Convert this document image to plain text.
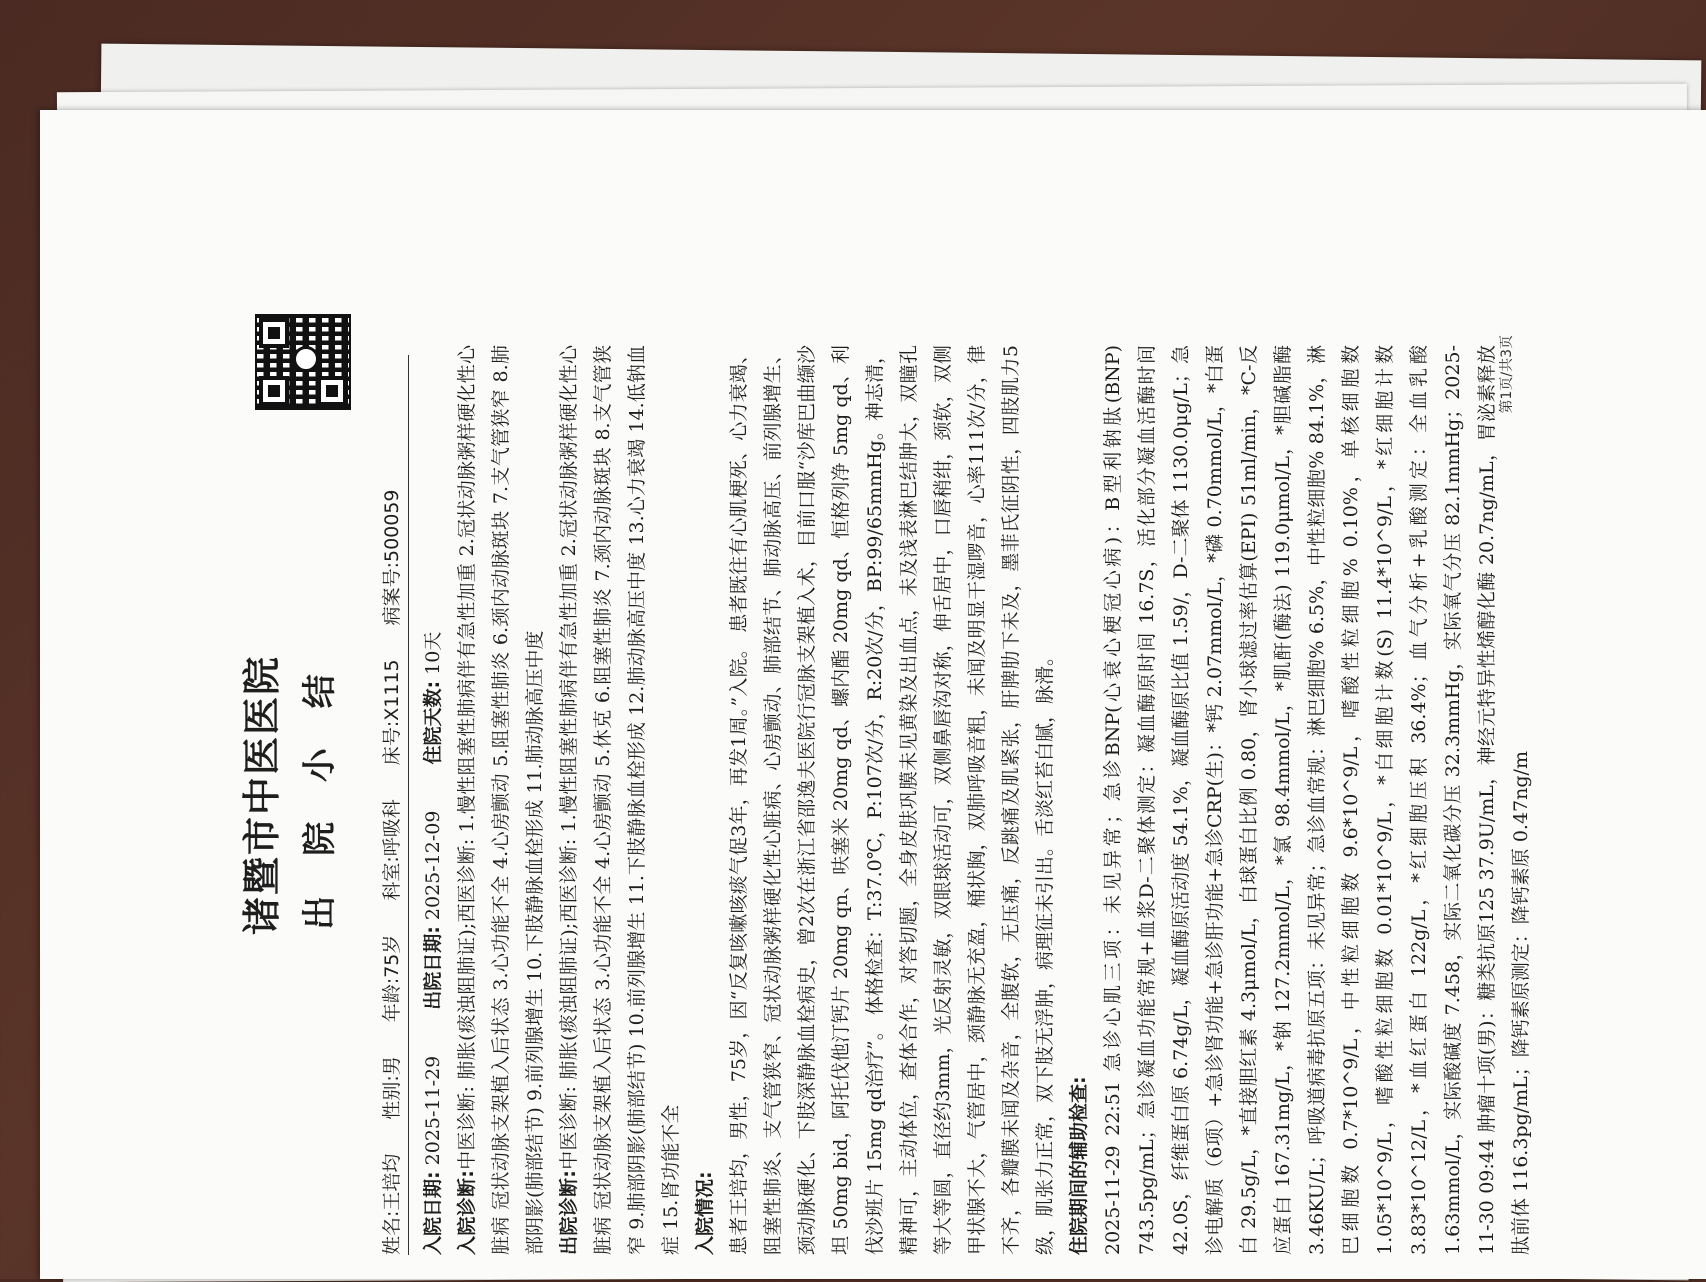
诸暨市中医医院 出 院 小 结
姓名:王培均
性别:男
年龄:75岁
科室:呼吸科
床号:X1115
病案号:500059

入院日期: 2025-11-29 出院日期: 2025-12-09 住院天数: 10天

入院诊断:中医诊断: 肺胀(痰浊阻肺证);西医诊断: 1.慢性阻塞性肺病伴有急性加重 2.冠状动脉粥样硬化性心脏病 冠状动脉支架植入后状态 3.心功能不全 4.心房颤动 5.阻塞性肺炎 6.颈内动脉斑块 7.支气管狭窄 8.肺部阴影(肺部结节) 9.前列腺增生 10.下肢静脉血栓形成 11.肺动脉高压中度 出院诊断:中医诊断: 肺胀(痰浊阻肺证);西医诊断: 1.慢性阻塞性肺病伴有急性加重 2.冠状动脉粥样硬化性心脏病 冠状动脉支架植入后状态 3.心功能不全 4.心房颤动 5.休克 6.阻塞性肺炎 7.颈内动脉斑块 8.支气管狭窄 9.肺部阴影(肺部结节) 10.前列腺增生 11.下肢静脉血栓形成 12.肺动脉高压中度 13.心力衰竭 14.低钠血症 15.肾功能不全 入院情况: 患者王培均，男性，75岁，因“反复咳嗽咳痰气促3年，再发1周。”入院。 患者既往有心肌梗死、心力衰竭、阻塞性肺炎、支气管狭窄、冠状动脉粥样硬化性心脏病、心房颤动、肺部结节、肺动脉高压、前列腺增生、颈动脉硬化、下肢深静脉血栓病史，曾2次在浙江省邵逸夫医院行冠脉支架植入术，目前口服“沙库巴曲缬沙坦 50mg bid，阿托伐他汀钙片 20mg qn、呋塞米 20mg qd、螺内酯 20mg qd、恒格列净 5mg qd、利伐沙班片 15mg qd治疗”。 体格检查：T:37.0℃，P:107次/分，R:20次/分，BP:99/65mmHg。神志清，精神可，主动体位，查体合作，对答切题，全身皮肤巩膜未见黄染及出血点，未及浅表淋巴结肿大，双瞳孔等大等圆，直径约3mm，光反射灵敏，双眼球活动可，双侧鼻唇沟对称，伸舌居中，口唇稍绀，颈软，双侧甲状腺不大，气管居中，颈静脉无充盈，桶状胸，双肺呼吸音粗，未闻及明显干湿啰音，心率111次/分，律不齐，各瓣膜未闻及杂音，全腹软，无压痛，反跳痛及肌紧张，肝脾肋下未及，墨菲氏征阴性，四肢肌力5级，肌张力正常，双下肢无浮肿，病理征未引出。舌淡红苔白腻，脉滑。 住院期间的辅助检查: 2025-11-29 22:51 急诊心肌三项：未见异常；急诊BNP(心衰心梗冠心病)：B型利钠肽(BNP) 743.5pg/mL；急诊凝血功能常规+血浆D-二聚体测定：凝血酶原时间 16.7S，活化部分凝血活酶时间 42.0S，纤维蛋白原 6.74g/L，凝血酶原活动度 54.1%，凝血酶原比值 1.59/，D-二聚体 1130.0μg/L；急诊电解质（6项）+急诊肾功能+急诊肝功能+急诊CRP(生)：*钙 2.07mmol/L，*磷 0.70mmol/L，*白蛋白 29.5g/L，*直接胆红素 4.3μmol/L，白球蛋白比例 0.80，肾小球滤过率估算(EPI) 51ml/min，*C-反应蛋白 167.31mg/L，*钠 127.2mmol/L，*氯 98.4mmol/L，*肌酐(酶法) 119.0μmol/L，*胆碱脂酶 3.46KU/L；呼吸道病毒抗原五项：未见异常；急诊血常规：淋巴细胞% 6.5%，中性粒细胞% 84.1%，淋巴细胞数 0.7*10^9/L，中性粒细胞数 9.6*10^9/L，嗜酸性粒细胞% 0.10%，单核细胞数 1.05*10^9/L，嗜酸性粒细胞数 0.01*10^9/L，*白细胞计数(S) 11.4*10^9/L，*红细胞计数 3.83*10^12/L，*血红蛋白 122g/L，*红细胞压积 36.4%；血气分析+乳酸测定：全血乳酸 1.63mmol/L，实际酸碱度 7.458，实际二氧化碳分压 32.3mmHg，实际氧气分压 82.1mmHg；2025-11-30 09:44 肿瘤十项(男)：糖类抗原125 37.9U/mL，神经元特异性烯醇化酶 20.7ng/mL，胃泌素释放肽前体 116.3pg/mL；降钙素原测定：降钙素原 0.47ng/m

第1页/共3页
